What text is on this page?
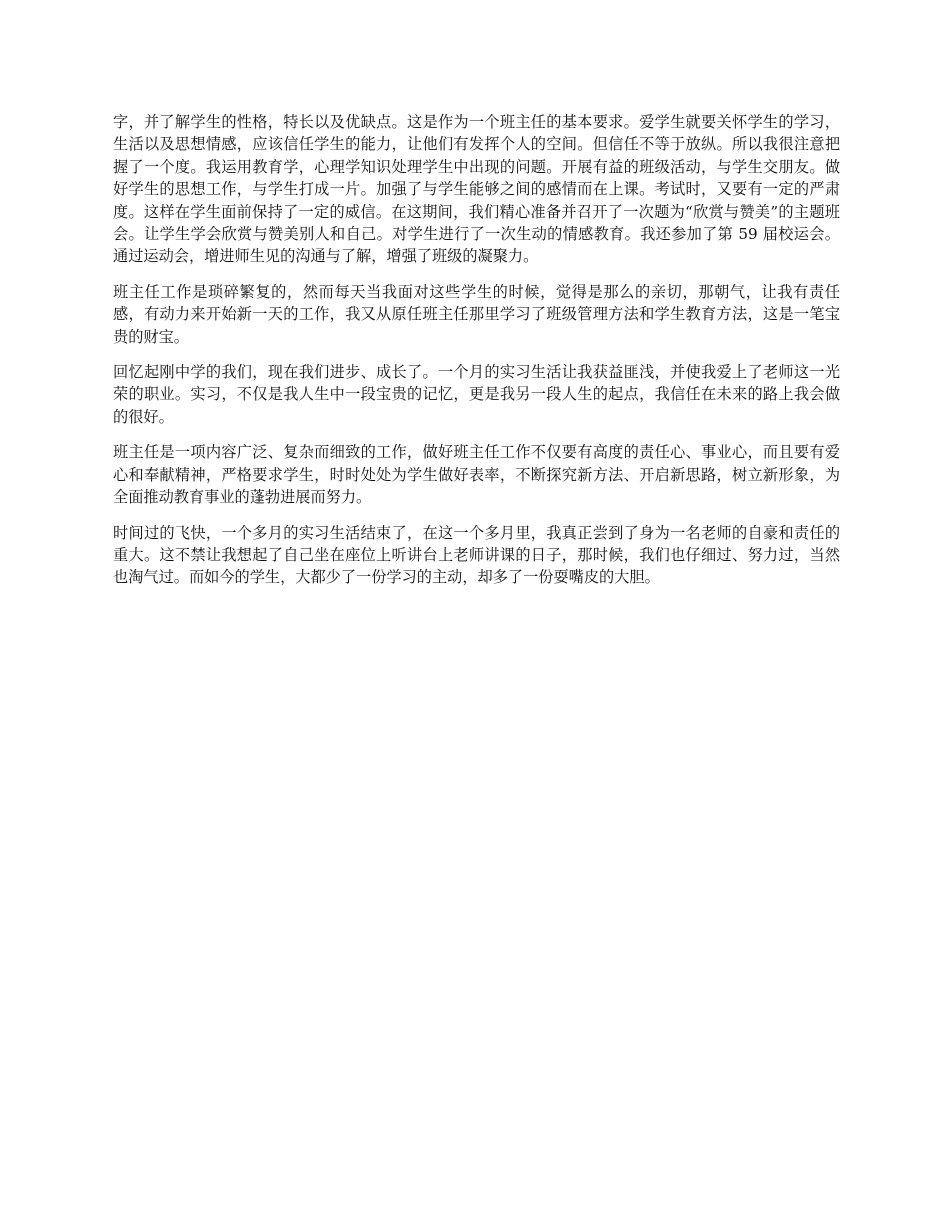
字，并了解学生的性格，特长以及优缺点。这是作为一个班主任的基本要求。爱学生就要关怀学生的学习，生活以及思想情感，应该信任学生的能力，让他们有发挥个人的空间。但信任不等于放纵。所以我很注意把握了一个度。我运用教育学，心理学知识处理学生中出现的问题。开展有益的班级活动，与学生交朋友。做好学生的思想工作，与学生打成一片。加强了与学生能够之间的感情而在上课。考试时，又要有一定的严肃度。这样在学生面前保持了一定的威信。在这期间，我们精心准备并召开了一次题为“欣赏与赞美”的主题班会。让学生学会欣赏与赞美别人和自己。对学生进行了一次生动的情感教育。我还参加了第 59 届校运会。通过运动会，增进师生见的沟通与了解，增强了班级的凝聚力。

班主任工作是琐碎繁复的，然而每天当我面对这些学生的时候，觉得是那么的亲切，那朝气，让我有责任感，有动力来开始新一天的工作，我又从原任班主任那里学习了班级管理方法和学生教育方法，这是一笔宝贵的财宝。

回忆起刚中学的我们，现在我们进步、成长了。一个月的实习生活让我获益匪浅，并使我爱上了老师这一光荣的职业。实习，不仅是我人生中一段宝贵的记忆，更是我另一段人生的起点，我信任在未来的路上我会做的很好。

班主任是一项内容广泛、复杂而细致的工作，做好班主任工作不仅要有高度的责任心、事业心，而且要有爱心和奉献精神，严格要求学生，时时处处为学生做好表率，不断探究新方法、开启新思路，树立新形象，为全面推动教育事业的蓬勃进展而努力。

时间过的飞快，一个多月的实习生活结束了，在这一个多月里，我真正尝到了身为一名老师的自豪和责任的重大。这不禁让我想起了自己坐在座位上听讲台上老师讲课的日子，那时候，我们也仔细过、努力过，当然也淘气过。而如今的学生，大都少了一份学习的主动，却多了一份耍嘴皮的大胆。
